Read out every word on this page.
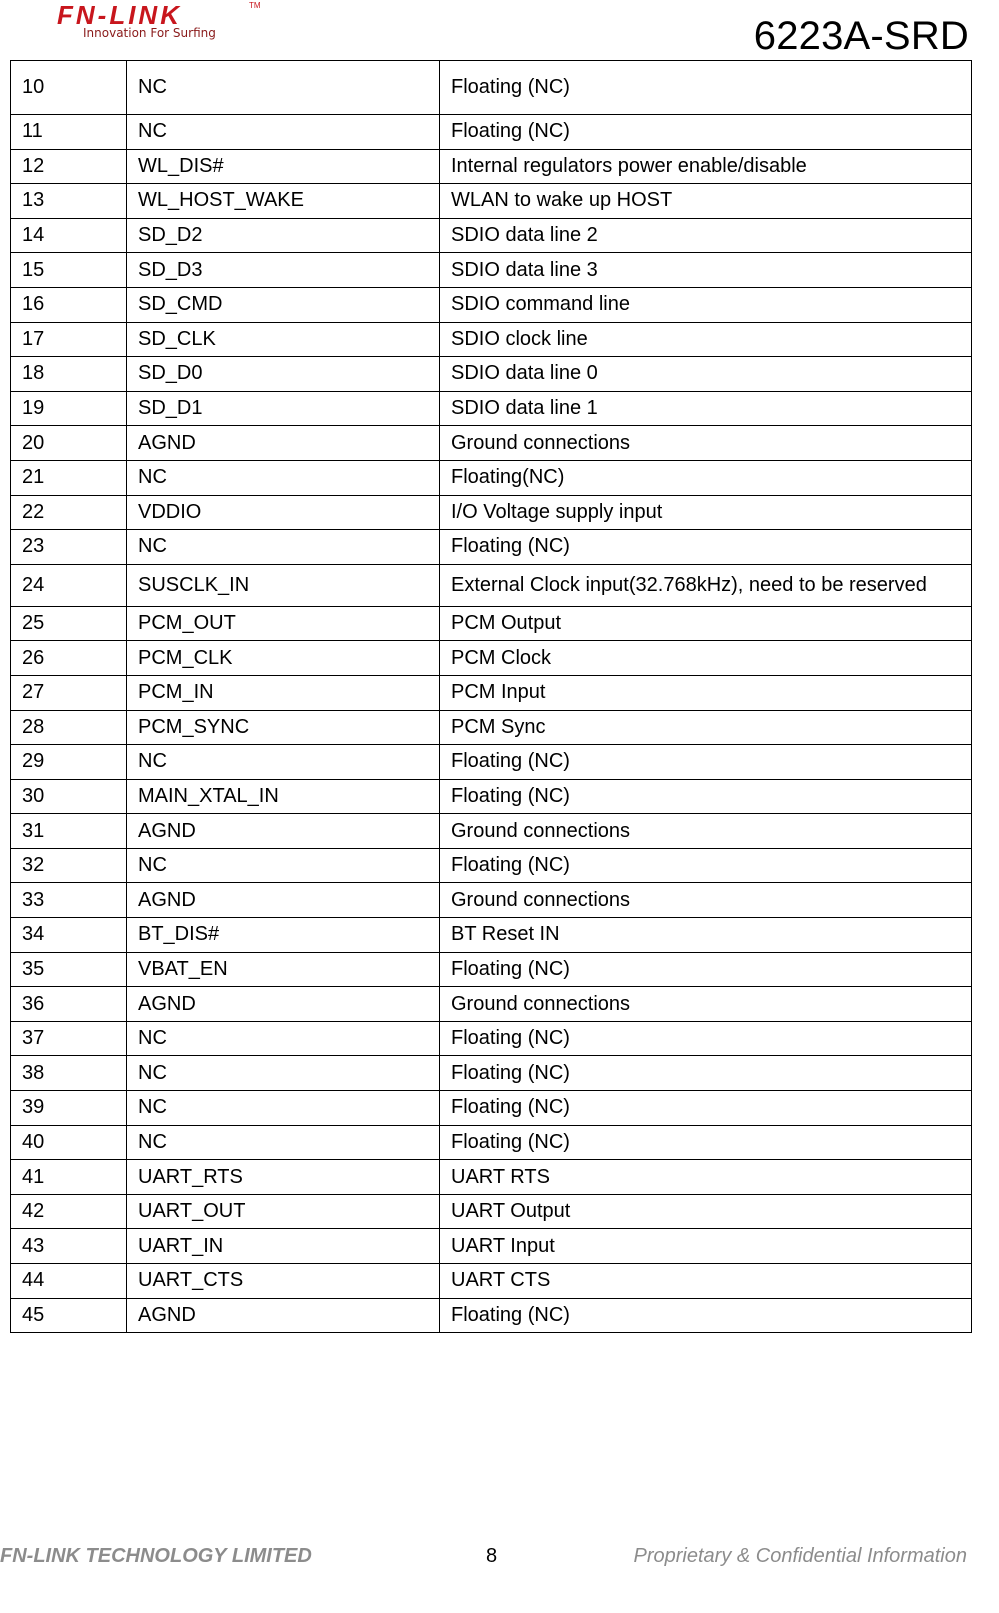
FN-LINK	TM
Innovation For Surfing	6223A-SRD
10	NC	Floating (NC)
11	NC	Floating (NC)
12	WL_DIS#	Internal regulators power enable/disable
13	WL_HOST_WAKE	WLAN to wake up HOST
14	SD_D2	SDIO data line 2
15	SD_D3	SDIO data line 3
16	SD_CMD	SDIO command line
17	SD_CLK	SDIO clock line
18	SD_D0	SDIO data line 0
19	SD_D1	SDIO data line 1
20	AGND	Ground connections
21	NC	Floating(NC)
22	VDDIO	I/O Voltage supply input
23	NC	Floating (NC)
24	SUSCLK_IN	External Clock input(32.768kHz), need to be reserved
25	PCM_OUT	PCM Output
26	PCM_CLK	PCM Clock
27	PCM_IN	PCM Input
28	PCM_SYNC	PCM Sync
29	NC	Floating (NC)
30	MAIN_XTAL_IN	Floating (NC)
31	AGND	Ground connections
32	NC	Floating (NC)
33	AGND	Ground connections
34	BT_DIS#	BT Reset IN
35	VBAT_EN	Floating (NC)
36	AGND	Ground connections
37	NC	Floating (NC)
38	NC	Floating (NC)
39	NC	Floating (NC)
40	NC	Floating (NC)
41	UART_RTS	UART RTS
42	UART_OUT	UART Output
43	UART_IN	UART Input
44	UART_CTS	UART CTS
45	AGND	Floating (NC)
FN-LINK TECHNOLOGY LIMITED	8	Proprietary & Confidential Information
